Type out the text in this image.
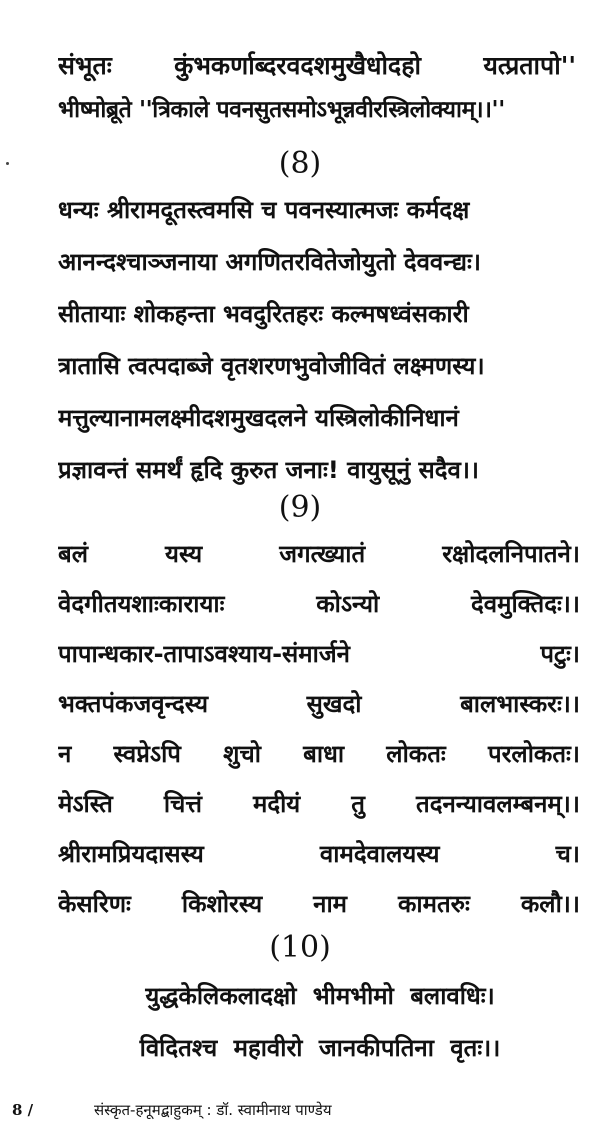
संभूतः कुंभकर्णाब्दरवदशमुखैधोदहो यत्प्रतापो''
भीष्मोब्रूते ''त्रिकाले पवनसुतसमोऽभून्नवीरस्त्रिलोक्याम्।।''
(8)
धन्यः श्रीरामदूतस्त्वमसि च पवनस्यात्मजः कर्मदक्ष
आनन्दश्चाञ्जनाया अगणितरवितेजोयुतो देववन्द्यः।
सीतायाः शोकहन्ता भवदुरितहरः कल्मषध्वंसकारी
त्रातासि त्वत्पदाब्जे वृतशरणभुवोजीवितं लक्ष्मणस्य।
मत्तुल्यानामलक्ष्मीदशमुखदलने यस्त्रिलोकीनिधानं
प्रज्ञावन्तं समर्थं हृदि कुरुत जनाः! वायुसूनुं सदैव।।
(9)
बलं	यस्य	जगत्ख्यातं	रक्षोदलनिपातने।
वेदगीतयशाःकारायाः	कोऽन्यो	देवमुक्तिदः।।
पापान्धकार-तापाऽवश्याय-संमार्जने	पटुः।
भक्तपंकजवृन्दस्य	सुखदो	बालभास्करः।।
न स्वप्नेऽपि शुचो बाधा लोकतः परलोकतः।
मेऽस्ति चित्तं मदीयं तु तदनन्यावलम्बनम्।।
श्रीरामप्रियदासस्य	वामदेवालयस्य	च।
केसरिणः किशोरस्य नाम कामतरुः कलौ।।
(10)
युद्धकेलिकलादक्षो भीमभीमो बलावधिः।
विदितश्च महावीरो जानकीपतिना वृतः।।
8 /	संस्कृत-हनूमद्बाहुकम् : डॉ. स्वामीनाथ पाण्डेय
